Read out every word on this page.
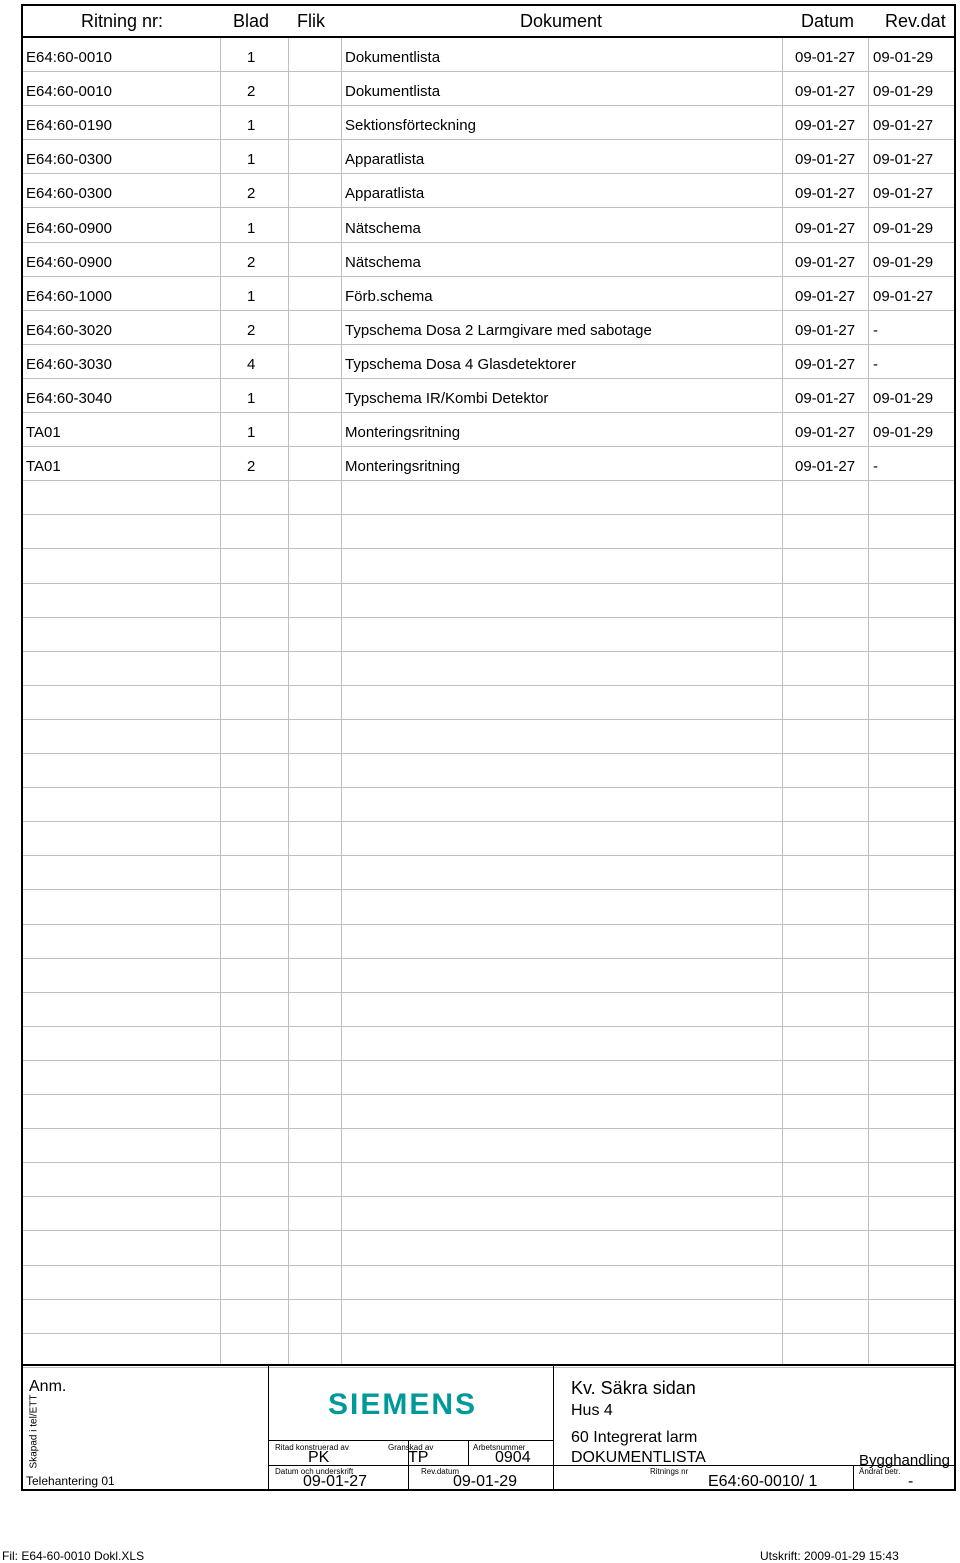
Ritning nr:	Blad Flik	Dokument	Datum Rev.dat
E64:60-0010	1	Dokumentlista	09-01-27 09-01-29
E64:60-0010	2	Dokumentlista	09-01-27 09-01-29
E64:60-0190	1	Sektionsförteckning	09-01-27 09-01-27
E64:60-0300	1	Apparatlista	09-01-27 09-01-27
E64:60-0300	2	Apparatlista	09-01-27 09-01-27
E64:60-0900	1	Nätschema	09-01-27 09-01-29
E64:60-0900	2	Nätschema	09-01-27 09-01-29
E64:60-1000	1	Förb.schema	09-01-27 09-01-27
E64:60-3020	2	Typschema Dosa 2 Larmgivare med sabotage	09-01-27 -
E64:60-3030	4	Typschema Dosa 4 Glasdetektorer	09-01-27 -
E64:60-3040	1	Typschema IR/Kombi Detektor	09-01-27 09-01-29
TA01	1	Monteringsritning	09-01-27 09-01-29
TA01	2	Monteringsritning	09-01-27 -
Anm.
Skapad i tel/ETT
Telehantering 01
SIEMENS
Ritad konstruerad av
PK
Granskad av
TP
Arbetsnummer
0904
Datum och underskrift
09-01-27
Rev.datum
09-01-29
Kv. Säkra sidan
Hus 4
60 Integrerat larm
DOKUMENTLISTA	Bygghandling
Ritnings nr
E64:60-0010/ 1
Ändrat betr.
-
Fil: E64-60-0010 Dokl.XLS	Utskrift: 2009-01-29 15:43
